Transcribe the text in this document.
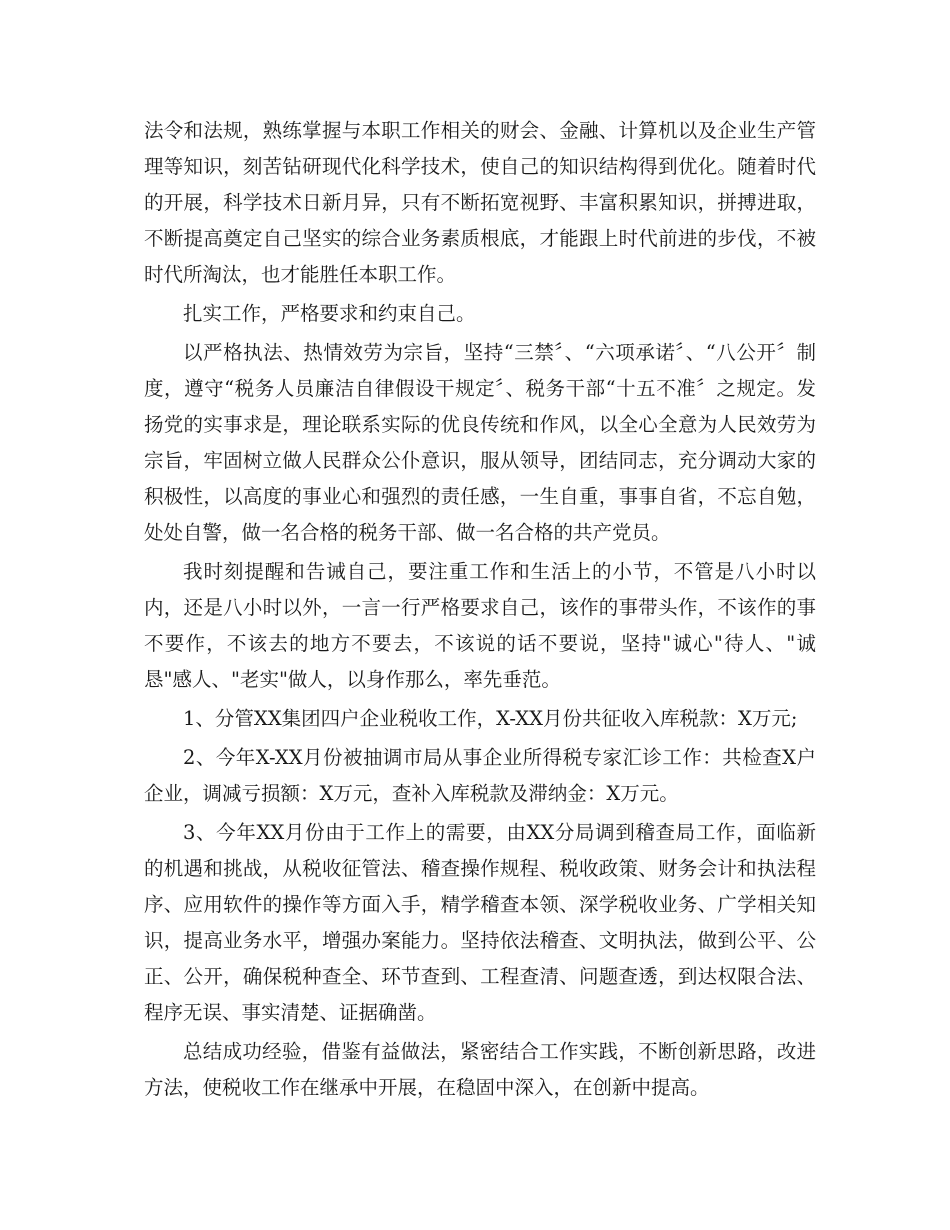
法令和法规，熟练掌握与本职工作相关的财会、金融、计算机以及企业生产管理等知识，刻苦钻研现代化科学技术，使自己的知识结构得到优化。随着时代的开展，科学技术日新月异，只有不断拓宽视野、丰富积累知识，拼搏进取，不断提高奠定自己坚实的综合业务素质根底，才能跟上时代前进的步伐，不被时代所淘汰，也才能胜任本职工作。

扎实工作，严格要求和约束自己。

以严格执法、热情效劳为宗旨，坚持“三禁〞、“六项承诺〞、“八公开〞制度，遵守“税务人员廉洁自律假设干规定〞、税务干部“十五不准〞之规定。发扬党的实事求是，理论联系实际的优良传统和作风，以全心全意为人民效劳为宗旨，牢固树立做人民群众公仆意识，服从领导，团结同志，充分调动大家的积极性，以高度的事业心和强烈的责任感，一生自重，事事自省，不忘自勉，处处自警，做一名合格的税务干部、做一名合格的共产党员。

我时刻提醒和告诫自己，要注重工作和生活上的小节，不管是八小时以内，还是八小时以外，一言一行严格要求自己，该作的事带头作，不该作的事不要作，不该去的地方不要去，不该说的话不要说，坚持"诚心"待人、"诚恳"感人、"老实"做人，以身作那么，率先垂范。

1、分管XX集团四户企业税收工作，X-XX月份共征收入库税款：X万元;

2、今年X-XX月份被抽调市局从事企业所得税专家汇诊工作：共检查X户企业，调减亏损额：X万元，查补入库税款及滞纳金：X万元。

3、今年XX月份由于工作上的需要，由XX分局调到稽查局工作，面临新的机遇和挑战，从税收征管法、稽查操作规程、税收政策、财务会计和执法程序、应用软件的操作等方面入手，精学稽查本领、深学税收业务、广学相关知识，提高业务水平，增强办案能力。坚持依法稽查、文明执法，做到公平、公正、公开，确保税种查全、环节查到、工程查清、问题查透，到达权限合法、程序无误、事实清楚、证据确凿。

总结成功经验，借鉴有益做法，紧密结合工作实践，不断创新思路，改进方法，使税收工作在继承中开展，在稳固中深入，在创新中提高。
